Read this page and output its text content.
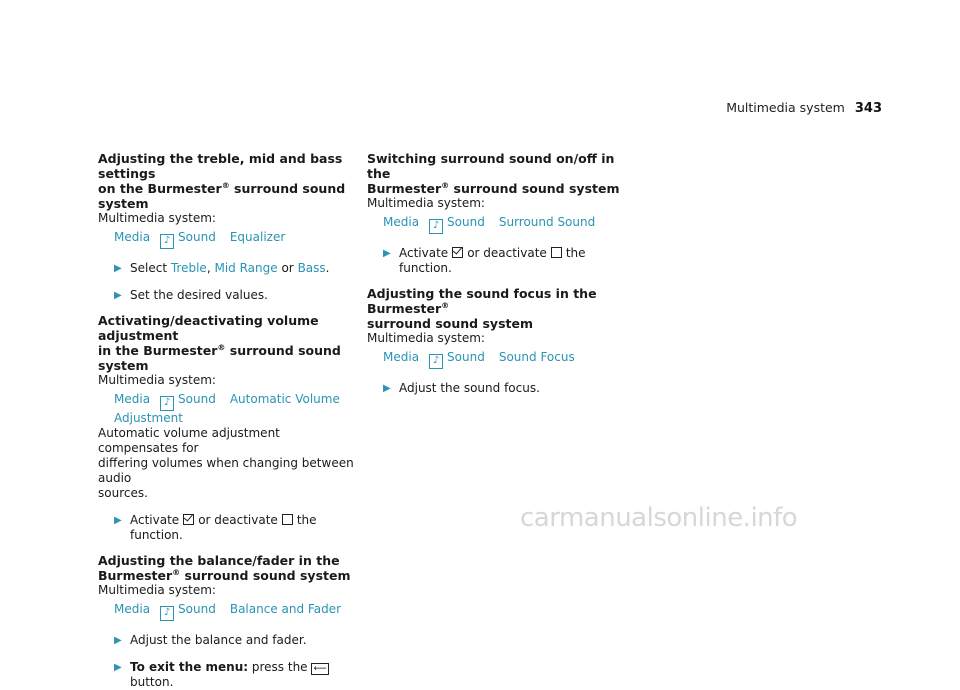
Multimedia system 343

Adjusting the treble, mid and bass settings
on the Burmester® surround sound system

Multimedia system:

Media ♪ Sound Equalizer
▶ Select Treble, Mid Range or Bass.
▶ Set the desired values.

Activating/deactivating volume adjustment
in the Burmester® surround sound system

Multimedia system:

Media ♪ Sound Automatic Volume
Adjustment

Automatic volume adjustment compensates for
differing volumes when changing between audio
sources.

▶ Activate or deactivate the function.

Adjusting the balance/fader in the
Burmester® surround sound system

Multimedia system:

Media ♪ Sound Balance and Fader
▶ Adjust the balance and fader.
▶ To exit the menu: press the ⟵button.

Switching surround sound on/off in the
Burmester® surround sound system

Multimedia system:

Media ♪ Sound Surround Sound
▶ Activate or deactivate the function.

Adjusting the sound focus in the Burmester®
surround sound system

Multimedia system:

Media ♪ Sound Sound Focus
▶ Adjust the sound focus.
carmanualsonline.info
